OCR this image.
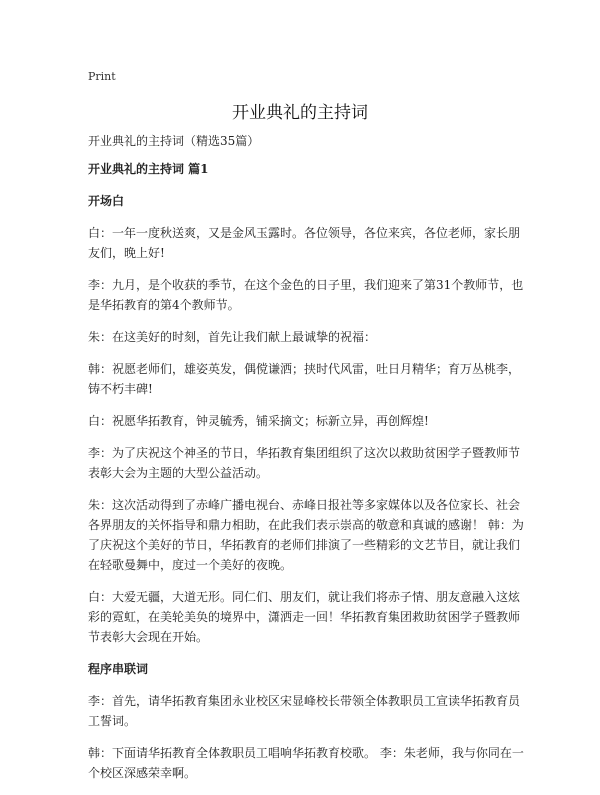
Print
开业典礼的主持词

开业典礼的主持词（精选35篇）

开业典礼的主持词 篇1

开场白

白：一年一度秋送爽，又是金风玉露时。各位领导，各位来宾，各位老师，家长朋友们，晚上好!

李：九月，是个收获的季节，在这个金色的日子里，我们迎来了第31个教师节，也是华拓教育的第4个教师节。

朱：在这美好的时刻，首先让我们献上最诚挚的祝福：

韩：祝愿老师们，雄姿英发，偶傥谦洒；挟时代风雷，吐日月精华；育万丛桃李，铸不朽丰碑!

白：祝愿华拓教育，钟灵毓秀，铺采摘文；标新立异，再创辉煌!

李：为了庆祝这个神圣的节日，华拓教育集团组织了这次以救助贫困学子暨教师节表彰大会为主题的大型公益活动。

朱：这次活动得到了赤峰广播电视台、赤峰日报社等多家媒体以及各位家长、社会各界朋友的关怀指导和鼎力相助，在此我们表示崇高的敬意和真诚的感谢！ 韩：为了庆祝这个美好的节日，华拓教育的老师们排演了一些精彩的文艺节目，就让我们在轻歌曼舞中，度过一个美好的夜晚。

白：大爱无疆，大道无形。同仁们、朋友们，就让我们将赤子情、朋友意融入这炫彩的霓虹，在美轮美奂的境界中，潇洒走一回！华拓教育集团救助贫困学子暨教师节表彰大会现在开始。

程序串联词

李：首先，请华拓教育集团永业校区宋显峰校长带领全体教职员工宣读华拓教育员工誓词。

韩：下面请华拓教育全体教职员工唱响华拓教育校歌。 李：朱老师，我与你同在一个校区深感荣幸啊。
